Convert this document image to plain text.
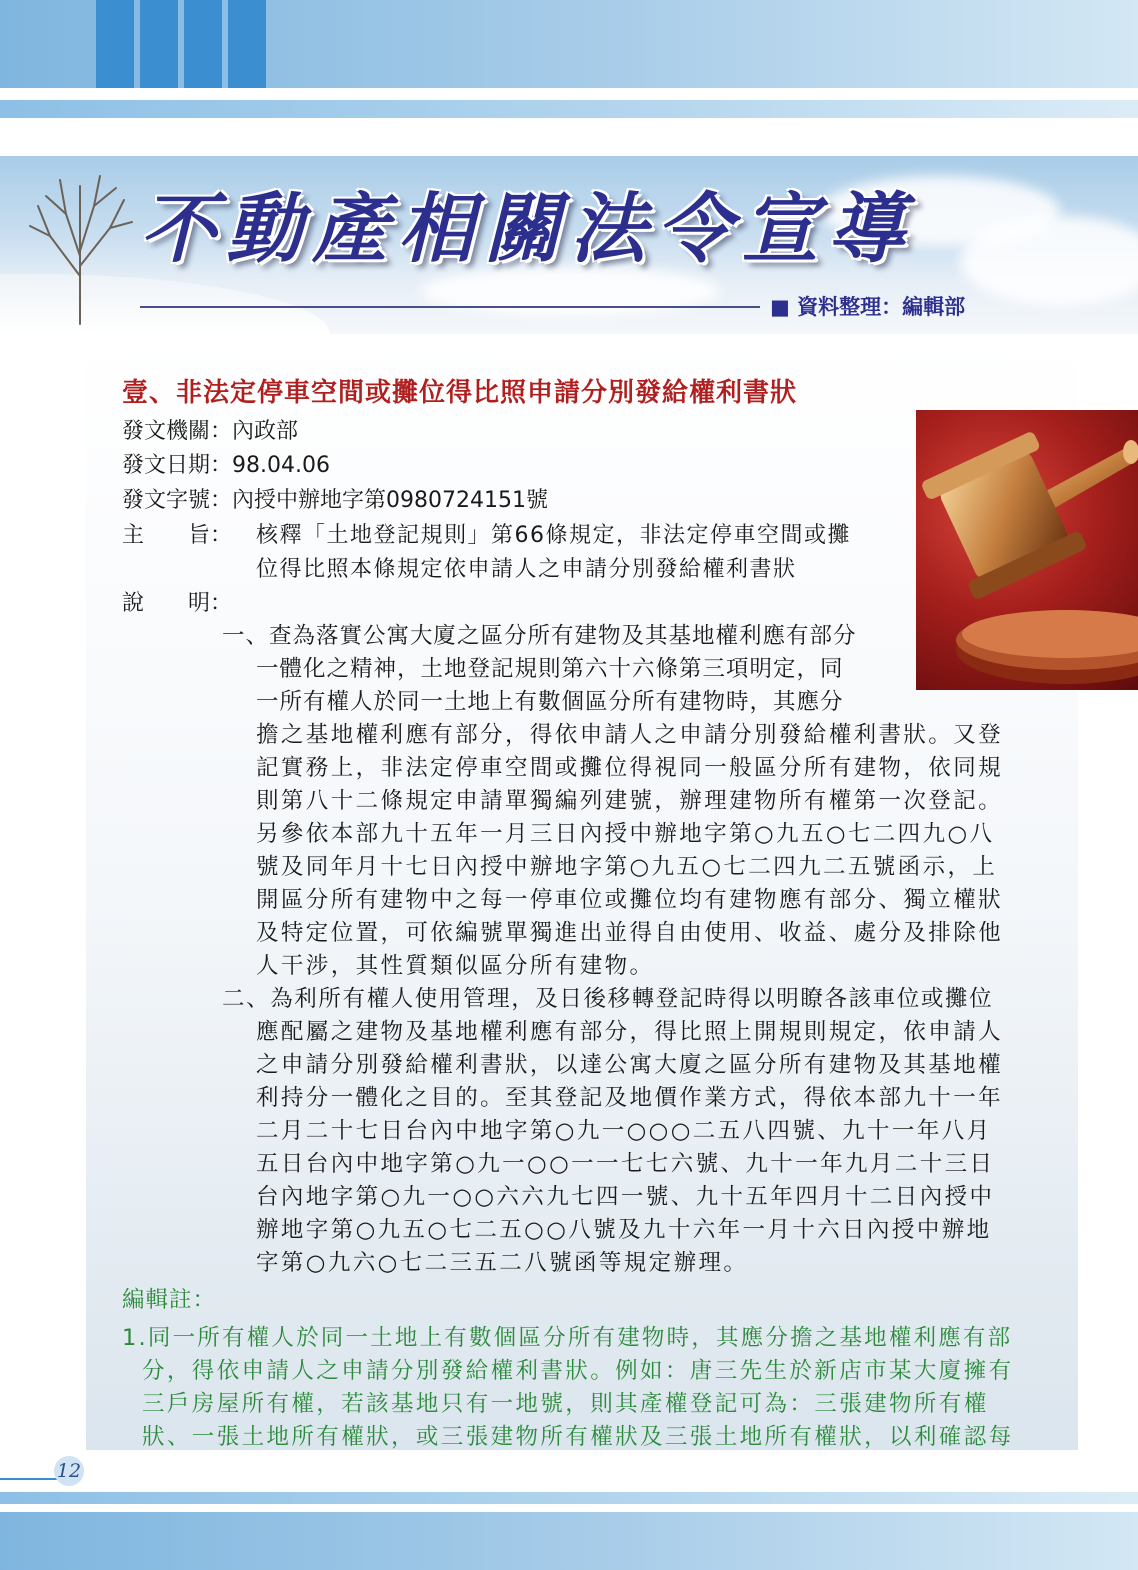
不動產相關法令宣導
■ 資料整理：編輯部
壹、非法定停車空間或攤位得比照申請分別發給權利書狀
發文機關：內政部
發文日期：98.04.06
發文字號：內授中辦地字第0980724151號
主　　旨： 核釋「土地登記規則」第66條規定，非法定停車空間或攤
位得比照本條規定依申請人之申請分別發給權利書狀
說　　明：
一、查為落實公寓大廈之區分所有建物及其基地權利應有部分
一體化之精神，土地登記規則第六十六條第三項明定，同
一所有權人於同一土地上有數個區分所有建物時，其應分
擔之基地權利應有部分，得依申請人之申請分別發給權利書狀。又登
記實務上，非法定停車空間或攤位得視同一般區分所有建物，依同規
則第八十二條規定申請單獨編列建號，辦理建物所有權第一次登記。
另參依本部九十五年一月三日內授中辦地字第○九五○七二四九○八
號及同年月十七日內授中辦地字第○九五○七二四九二五號函示，上
開區分所有建物中之每一停車位或攤位均有建物應有部分、獨立權狀
及特定位置，可依編號單獨進出並得自由使用、收益、處分及排除他
人干涉，其性質類似區分所有建物。
二、為利所有權人使用管理，及日後移轉登記時得以明瞭各該車位或攤位
應配屬之建物及基地權利應有部分，得比照上開規則規定，依申請人
之申請分別發給權利書狀，以達公寓大廈之區分所有建物及其基地權
利持分一體化之目的。至其登記及地價作業方式，得依本部九十一年
二月二十七日台內中地字第○九一○○○二五八四號、九十一年八月
五日台內中地字第○九一○○一一七七六號、九十一年九月二十三日
台內地字第○九一○○六六九七四一號、九十五年四月十二日內授中
辦地字第○九五○七二五○○八號及九十六年一月十六日內授中辦地
字第○九六○七二三五二八號函等規定辦理。
編輯註：
1.同一所有權人於同一土地上有數個區分所有建物時，其應分擔之基地權利應有部
分，得依申請人之申請分別發給權利書狀。例如：唐三先生於新店市某大廈擁有
三戶房屋所有權，若該基地只有一地號，則其產權登記可為：三張建物所有權
狀、一張土地所有權狀，或三張建物所有權狀及三張土地所有權狀，以利確認每
12
